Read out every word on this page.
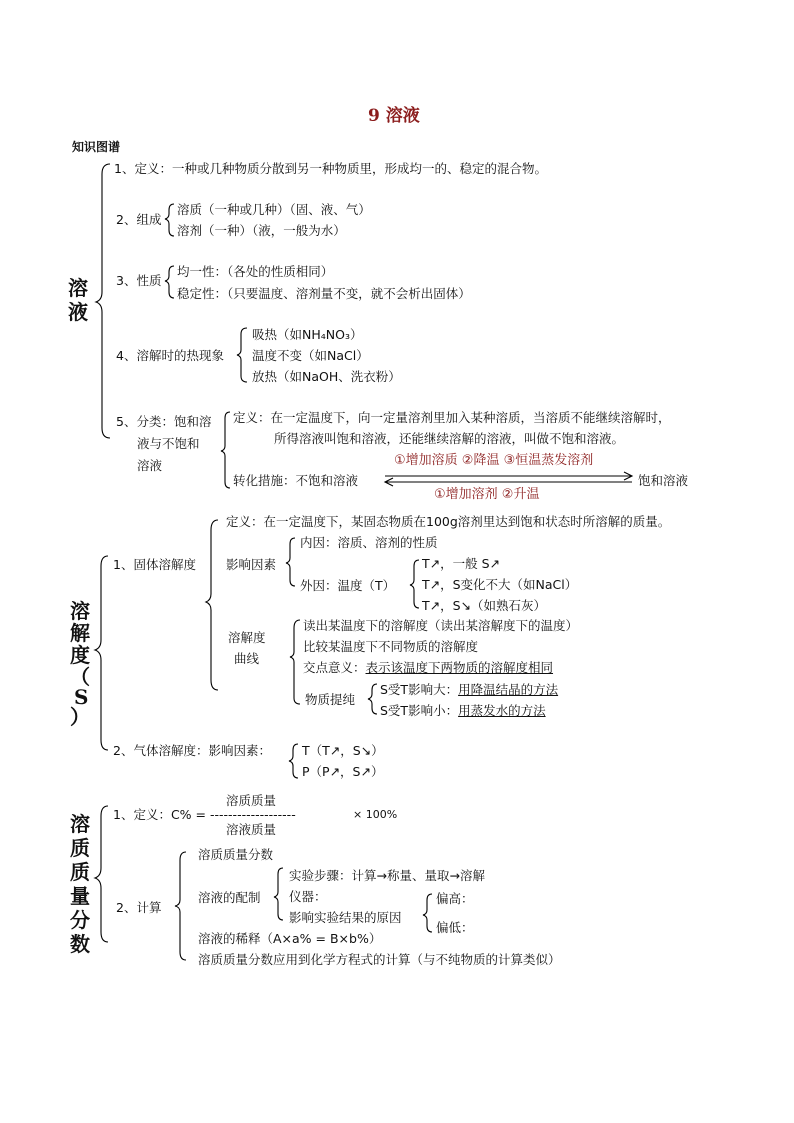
9 溶液
知识图谱
溶
液
1、定义：一种或几种物质分散到另一种物质里，形成均一的、稳定的混合物。
2、组成
溶质（一种或几种）（固、液、气）
溶剂（一种）（液，一般为水）
3、性质
均一性：（各处的性质相同）
稳定性：（只要温度、溶剂量不变，就不会析出固体）
4、溶解时的热现象
吸热（如NH₄NO₃）
温度不变（如NaCl）
放热（如NaOH、洗衣粉）
5、分类：饱和溶
液与不饱和
溶液
定义：在一定温度下，向一定量溶剂里加入某种溶质，当溶质不能继续溶解时，
所得溶液叫饱和溶液，还能继续溶解的溶液，叫做不饱和溶液。
①增加溶质 ②降温 ③恒温蒸发溶剂
转化措施：不饱和溶液	饱和溶液
①增加溶剂 ②升温
溶
解
度
（
S
）
1、固体溶解度
定义：在一定温度下，某固态物质在100g溶剂里达到饱和状态时所溶解的质量。
影响因素
内因：溶质、溶剂的性质
外因：温度（T）
T↗，一般 S↗
T↗，S变化不大（如NaCl）
T↗，S↘（如熟石灰）
溶解度
曲线
读出某温度下的溶解度（读出某溶解度下的温度）
比较某温度下不同物质的溶解度
交点意义：表示该温度下两物质的溶解度相同
物质提纯
S受T影响大：用降温结晶的方法
S受T影响小：用蒸发水的方法
2、气体溶解度：影响因素： T（T↗，S↘）
P（P↗，S↗）
溶
质
质
量
分
数
1、定义：C% =
溶质质量
-------------------	× 100%
溶液质量
2、计算
溶质质量分数
溶液的配制
实验步骤：计算→称量、量取→溶解
仪器：
影响实验结果的原因
偏高：
偏低：
溶液的稀释（A×a% = B×b%）
溶质质量分数应用到化学方程式的计算（与不纯物质的计算类似）
